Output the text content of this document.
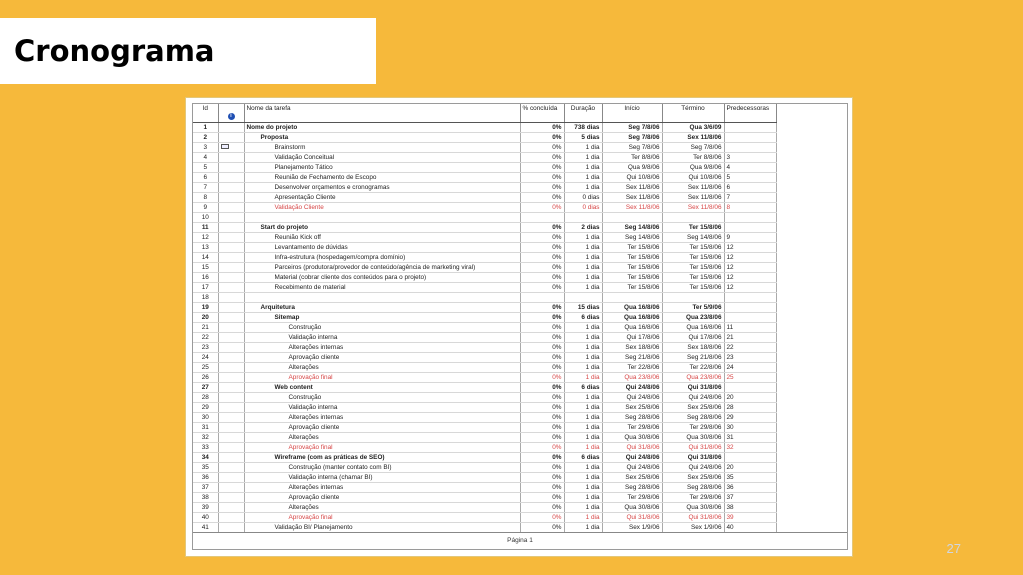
Cronograma
Id	i	Nome da tarefa	% concluída	Duração	Início	Término	Predecessoras
1		Nome do projeto	0%	738 dias	Seg 7/8/06	Qua 3/6/09	
2		Proposta	0%	5 dias	Seg 7/8/06	Sex 11/8/06	
3		Brainstorm	0%	1 dia	Seg 7/8/06	Seg 7/8/06	
4		Validação Conceitual	0%	1 dia	Ter 8/8/06	Ter 8/8/06	3
5		Planejamento Tático	0%	1 dia	Qua 9/8/06	Qua 9/8/06	4
6		Reunião de Fechamento de Escopo	0%	1 dia	Qui 10/8/06	Qui 10/8/06	5
7		Desenvolver orçamentos e cronogramas	0%	1 dia	Sex 11/8/06	Sex 11/8/06	6
8		Apresentação Cliente	0%	0 dias	Sex 11/8/06	Sex 11/8/06	7
9		Validação Cliente	0%	0 dias	Sex 11/8/06	Sex 11/8/06	8
10							
11		Start do projeto	0%	2 dias	Seg 14/8/06	Ter 15/8/06	
12		Reunião Kick off	0%	1 dia	Seg 14/8/06	Seg 14/8/06	9
13		Levantamento de dúvidas	0%	1 dia	Ter 15/8/06	Ter 15/8/06	12
14		Infra-estrutura (hospedagem/compra domínio)	0%	1 dia	Ter 15/8/06	Ter 15/8/06	12
15		Parceiros (produtora/provedor de conteúdo/agência de marketing viral)	0%	1 dia	Ter 15/8/06	Ter 15/8/06	12
16		Material (cobrar cliente dos conteúdos para o projeto)	0%	1 dia	Ter 15/8/06	Ter 15/8/06	12
17		Recebimento de material	0%	1 dia	Ter 15/8/06	Ter 15/8/06	12
18							
19		Arquitetura	0%	15 dias	Qua 16/8/06	Ter 5/9/06	
20		Sitemap	0%	6 dias	Qua 16/8/06	Qua 23/8/06	
21		Construção	0%	1 dia	Qua 16/8/06	Qua 16/8/06	11
22		Validação interna	0%	1 dia	Qui 17/8/06	Qui 17/8/06	21
23		Alterações internas	0%	1 dia	Sex 18/8/06	Sex 18/8/06	22
24		Aprovação cliente	0%	1 dia	Seg 21/8/06	Seg 21/8/06	23
25		Alterações	0%	1 dia	Ter 22/8/06	Ter 22/8/06	24
26		Aprovação final	0%	1 dia	Qua 23/8/06	Qua 23/8/06	25
27		Web content	0%	6 dias	Qui 24/8/06	Qui 31/8/06	
28		Construção	0%	1 dia	Qui 24/8/06	Qui 24/8/06	20
29		Validação interna	0%	1 dia	Sex 25/8/06	Sex 25/8/06	28
30		Alterações internas	0%	1 dia	Seg 28/8/06	Seg 28/8/06	29
31		Aprovação cliente	0%	1 dia	Ter 29/8/06	Ter 29/8/06	30
32		Alterações	0%	1 dia	Qua 30/8/06	Qua 30/8/06	31
33		Aprovação final	0%	1 dia	Qui 31/8/06	Qui 31/8/06	32
34		Wireframe (com as práticas de SEO)	0%	6 dias	Qui 24/8/06	Qui 31/8/06	
35		Construção (manter contato com BI)	0%	1 dia	Qui 24/8/06	Qui 24/8/06	20
36		Validação interna (chamar BI)	0%	1 dia	Sex 25/8/06	Sex 25/8/06	35
37		Alterações internas	0%	1 dia	Seg 28/8/06	Seg 28/8/06	36
38		Aprovação cliente	0%	1 dia	Ter 29/8/06	Ter 29/8/06	37
39		Alterações	0%	1 dia	Qua 30/8/06	Qua 30/8/06	38
40		Aprovação final	0%	1 dia	Qui 31/8/06	Qui 31/8/06	39
41		Validação BI/ Planejamento	0%	1 dia	Sex 1/9/06	Sex 1/9/06	40
Página 1
27
